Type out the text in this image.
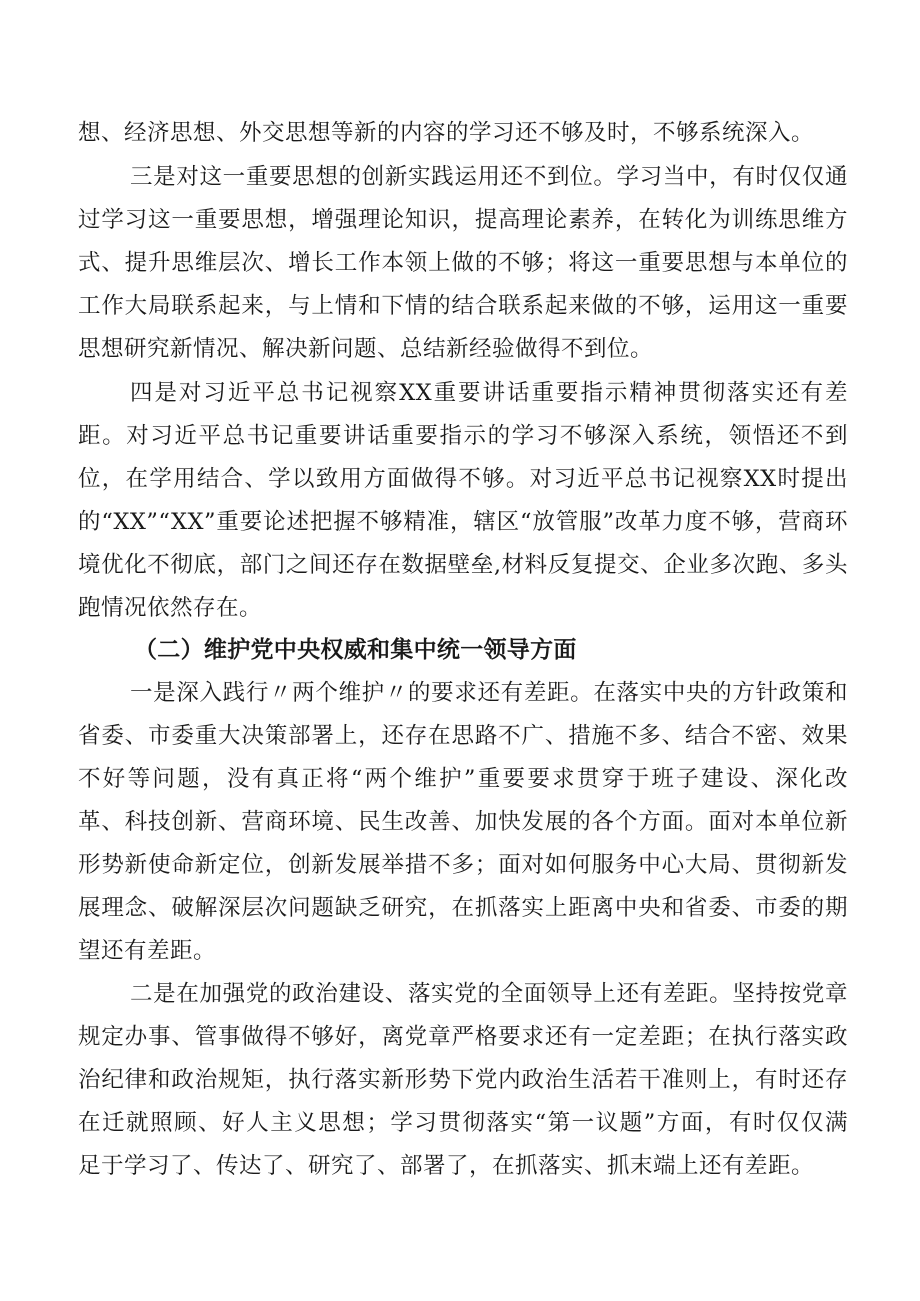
想、经济思想、外交思想等新的内容的学习还不够及时，不够系统深入。
三是对这一重要思想的创新实践运用还不到位。学习当中，有时仅仅通
过学习这一重要思想，增强理论知识，提高理论素养，在转化为训练思维方
式、提升思维层次、增长工作本领上做的不够；将这一重要思想与本单位的
工作大局联系起来，与上情和下情的结合联系起来做的不够，运用这一重要
思想研究新情况、解决新问题、总结新经验做得不到位。
四是对习近平总书记视察XX重要讲话重要指示精神贯彻落实还有差
距。对习近平总书记重要讲话重要指示的学习不够深入系统，领悟还不到
位，在学用结合、学以致用方面做得不够。对习近平总书记视察XX时提出
的“XX”“XX”重要论述把握不够精准，辖区“放管服”改革力度不够，营商环
境优化不彻底，部门之间还存在数据壁垒,材料反复提交、企业多次跑、多头
跑情况依然存在。
（二）维护党中央权威和集中统一领导方面
一是深入践行〃两个维护〃的要求还有差距。在落实中央的方针政策和
省委、市委重大决策部署上，还存在思路不广、措施不多、结合不密、效果
不好等问题，没有真正将“两个维护”重要要求贯穿于班子建设、深化改
革、科技创新、营商环境、民生改善、加快发展的各个方面。面对本单位新
形势新使命新定位，创新发展举措不多；面对如何服务中心大局、贯彻新发
展理念、破解深层次问题缺乏研究，在抓落实上距离中央和省委、市委的期
望还有差距。
二是在加强党的政治建设、落实党的全面领导上还有差距。坚持按党章
规定办事、管事做得不够好，离党章严格要求还有一定差距；在执行落实政
治纪律和政治规矩，执行落实新形势下党内政治生活若干准则上，有时还存
在迁就照顾、好人主义思想；学习贯彻落实“第一议题”方面，有时仅仅满
足于学习了、传达了、研究了、部署了，在抓落实、抓末端上还有差距。
